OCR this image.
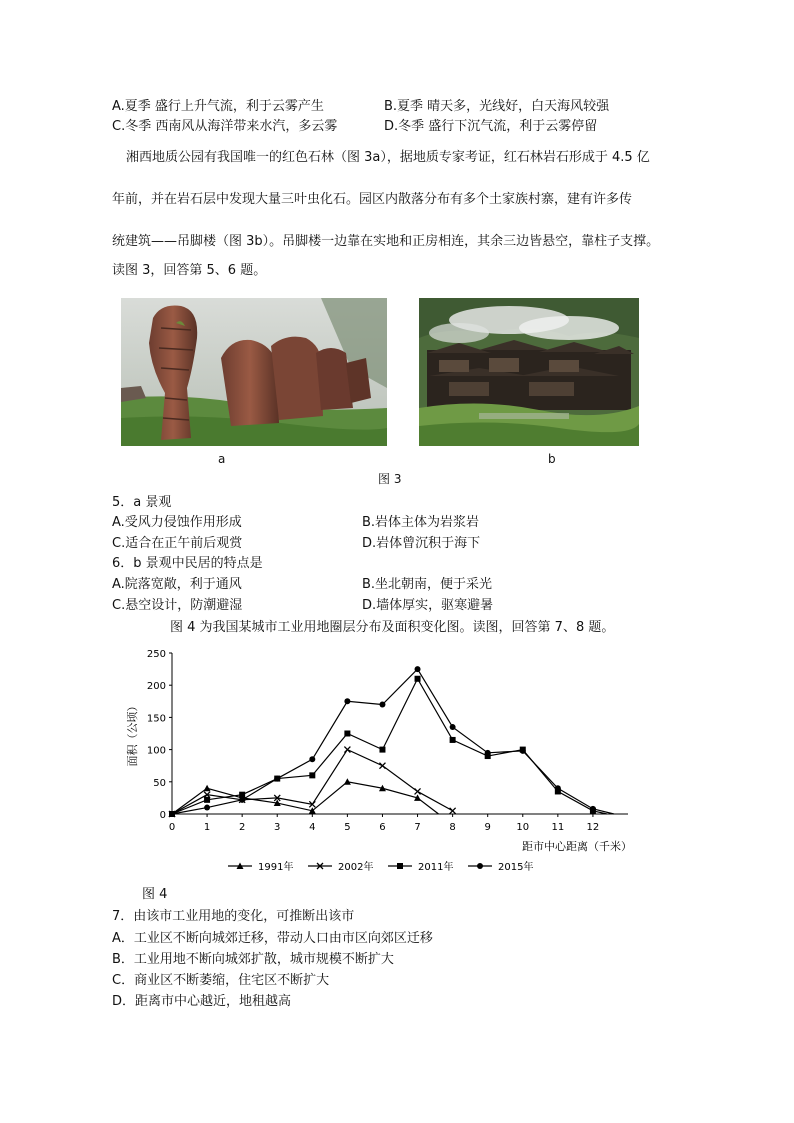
A.夏季 盛行上升气流，利于云雾产生	B.夏季 晴天多，光线好，白天海风较强
C.冬季 西南风从海洋带来水汽，多云雾	D.冬季 盛行下沉气流，利于云雾停留
湘西地质公园有我国唯一的红色石林（图 3a），据地质专家考证，红石林岩石形成于 4.5 亿
年前，并在岩石层中发现大量三叶虫化石。园区内散落分布有多个土家族村寨，建有许多传
统建筑——吊脚楼（图 3b）。吊脚楼一边靠在实地和正房相连，其余三边皆悬空，靠柱子支撑。
读图 3，回答第 5、6 题。
a	b
图 3
5．a 景观
A.受风力侵蚀作用形成	B.岩体主体为岩浆岩
C.适合在正午前后观赏	D.岩体曾沉积于海下
6．b 景观中民居的特点是
A.院落宽敞，利于通风	B.坐北朝南，便于采光
C.悬空设计，防潮避湿	D.墙体厚实，驱寒避暑
图 4 为我国某城市工业用地圈层分布及面积变化图。读图，回答第 7、8 题。
0	1	2	3	4	5	6	7	8	9	10 11 12
0
50
100
150
200
250
距市中心距离（千米）
面积（公顷）
1991年	2002年	2011年	2015年
图 4
7．由该市工业用地的变化，可推断出该市
A．工业区不断向城郊迁移，带动人口由市区向郊区迁移
B．工业用地不断向城郊扩散，城市规模不断扩大
C．商业区不断萎缩，住宅区不断扩大
D．距离市中心越近，地租越高
